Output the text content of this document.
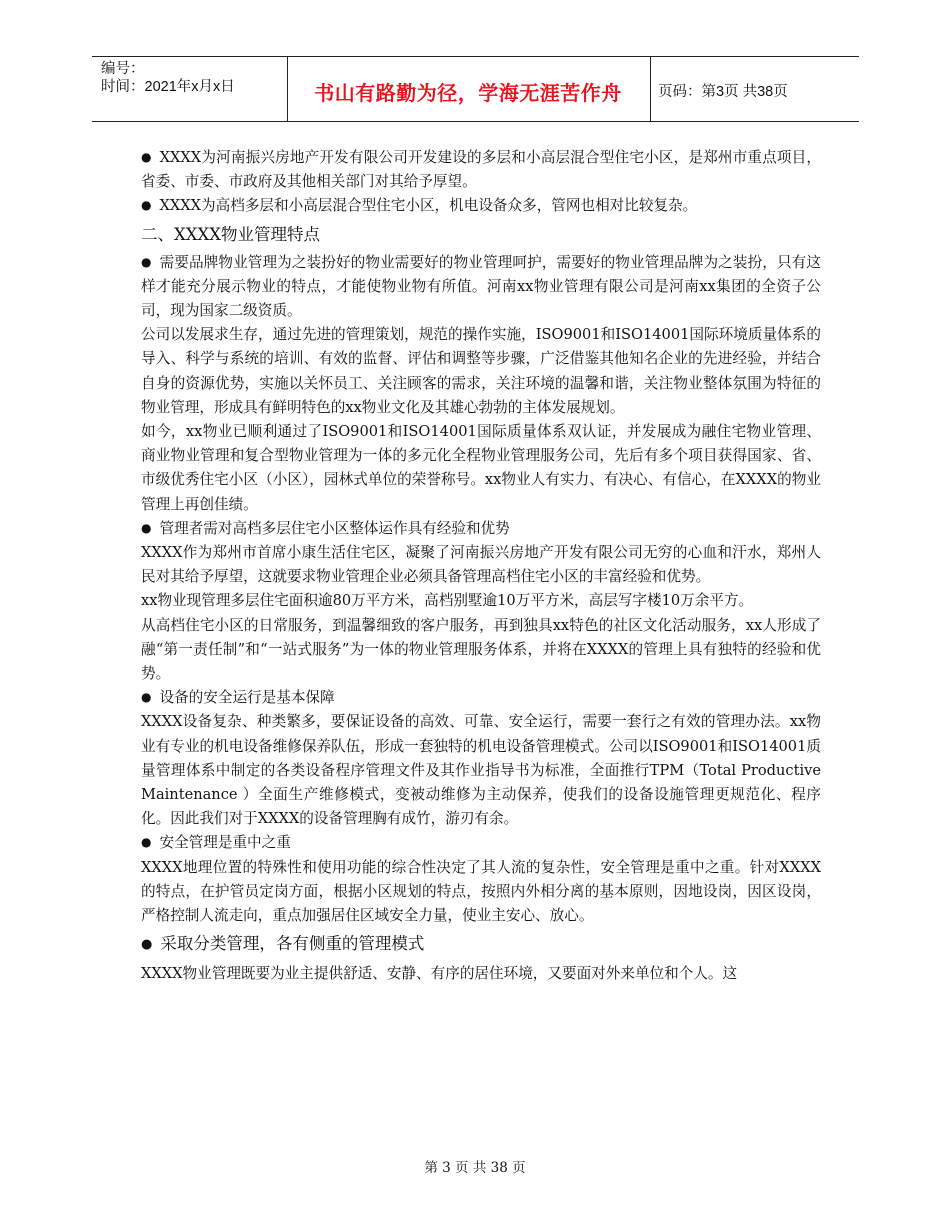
编号：
时间：2021年x月x日	书山有路勤为径，学海无涯苦作舟	页码：第3页 共38页

● XXXX为河南振兴房地产开发有限公司开发建设的多层和小高层混合型住宅小区，是郑州市重点项目，省委、市委、市政府及其他相关部门对其给予厚望。

● XXXX为高档多层和小高层混合型住宅小区，机电设备众多，管网也相对比较复杂。

二、XXXX物业管理特点

● 需要品牌物业管理为之装扮好的物业需要好的物业管理呵护，需要好的物业管理品牌为之装扮，只有这样才能充分展示物业的特点，才能使物业物有所值。河南xx物业管理有限公司是河南xx集团的全资子公司，现为国家二级资质。

公司以发展求生存，通过先进的管理策划，规范的操作实施，ISO9001和ISO14001国际环境质量体系的导入、科学与系统的培训、有效的监督、评估和调整等步骤，广泛借鉴其他知名企业的先进经验，并结合自身的资源优势，实施以关怀员工、关注顾客的需求，关注环境的温馨和谐，关注物业整体氛围为特征的物业管理，形成具有鲜明特色的xx物业文化及其雄心勃勃的主体发展规划。

如今，xx物业已顺利通过了ISO9001和ISO14001国际质量体系双认证，并发展成为融住宅物业管理、商业物业管理和复合型物业管理为一体的多元化全程物业管理服务公司，先后有多个项目获得国家、省、市级优秀住宅小区（小区），园林式单位的荣誉称号。xx物业人有实力、有决心、有信心，在XXXX的物业管理上再创佳绩。

● 管理者需对高档多层住宅小区整体运作具有经验和优势

XXXX作为郑州市首席小康生活住宅区，凝聚了河南振兴房地产开发有限公司无穷的心血和汗水，郑州人民对其给予厚望，这就要求物业管理企业必须具备管理高档住宅小区的丰富经验和优势。

xx物业现管理多层住宅面积逾80万平方米，高档别墅逾10万平方米，高层写字楼10万余平方。

从高档住宅小区的日常服务，到温馨细致的客户服务，再到独具xx特色的社区文化活动服务，xx人形成了融“第一责任制”和“一站式服务”为一体的物业管理服务体系，并将在XXXX的管理上具有独特的经验和优势。

● 设备的安全运行是基本保障

XXXX设备复杂、种类繁多，要保证设备的高效、可靠、安全运行，需要一套行之有效的管理办法。xx物业有专业的机电设备维修保养队伍，形成一套独特的机电设备管理模式。公司以ISO9001和ISO14001质量管理体系中制定的各类设备程序管理文件及其作业指导书为标准，全面推行TPM（Total Productive Maintenance ）全面生产维修模式，变被动维修为主动保养，使我们的设备设施管理更规范化、程序化。因此我们对于XXXX的设备管理胸有成竹，游刃有余。

● 安全管理是重中之重

XXXX地理位置的特殊性和使用功能的综合性决定了其人流的复杂性，安全管理是重中之重。针对XXXX的特点，在护管员定岗方面，根据小区规划的特点，按照内外相分离的基本原则，因地设岗，因区设岗，严格控制人流走向，重点加强居住区域安全力量，使业主安心、放心。

● 采取分类管理，各有侧重的管理模式

XXXX物业管理既要为业主提供舒适、安静、有序的居住环境，又要面对外来单位和个人。这

第 3 页 共 38 页
